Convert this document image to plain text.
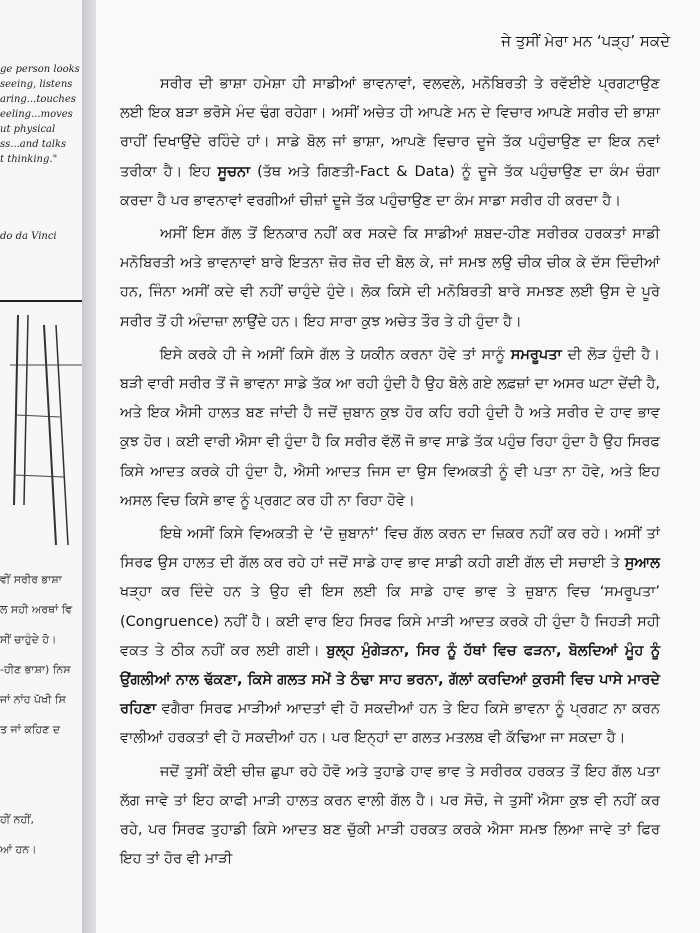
ge person looks
seeing, listens
aring...touches
eeling...moves
ut physical
ss...and talks
t thinking."
do da Vinci
ਵੀਂ ਸਰੀਰ ਭਾਸ਼ਾ
ਲ ਸਹੀ ਅਰਥਾਂ ਵਿ
ਸੀਂ ਚਾਹੁੰਦੇ ਹੋ।
-ਹੀਣ ਭਾਸ਼ਾ) ਨਿਸ
ਜਾਂ ਨਾਂਹ ਪੱਖੀ ਸਿ
ਤ ਜਾਂ ਕਹਿਣ ਦ

ਹੀਂ ਨਹੀਂ,
ਆਂ ਹਨ।
ਜੇ ਤੁਸੀਂ ਮੇਰਾ ਮਨ ‘ਪੜ੍ਹ’ ਸਕਦੇ

ਸਰੀਰ ਦੀ ਭਾਸ਼ਾ ਹਮੇਸ਼ਾ ਹੀ ਸਾਡੀਆਂ ਭਾਵਨਾਵਾਂ, ਵਲਵਲੇ, ਮਨੋਬਿਰਤੀ ਤੇ ਰਵੱਈਏ ਪ੍ਰਗਟਾਉਣ ਲਈ ਇਕ ਬੜਾ ਭਰੋਸੇ ਮੰਦ ਢੰਗ ਰਹੇਗਾ। ਅਸੀਂ ਅਚੇਤ ਹੀ ਆਪਣੇ ਮਨ ਦੇ ਵਿਚਾਰ ਆਪਣੇ ਸਰੀਰ ਦੀ ਭਾਸ਼ਾ ਰਾਹੀਂ ਦਿਖਾਉਂਦੇ ਰਹਿੰਦੇ ਹਾਂ। ਸਾਡੇ ਬੋਲ ਜਾਂ ਭਾਸ਼ਾ, ਆਪਣੇ ਵਿਚਾਰ ਦੂਜੇ ਤੱਕ ਪਹੁੰਚਾਉਣ ਦਾ ਇਕ ਨਵਾਂ ਤਰੀਕਾ ਹੈ। ਇਹ ਸੂਚਨਾ (ਤੱਥ ਅਤੇ ਗਿਣਤੀ-Fact & Data) ਨੂੰ ਦੂਜੇ ਤੱਕ ਪਹੁੰਚਾਉਣ ਦਾ ਕੰਮ ਚੰਗਾ ਕਰਦਾ ਹੈ ਪਰ ਭਾਵਨਾਵਾਂ ਵਰਗੀਆਂ ਚੀਜ਼ਾਂ ਦੂਜੇ ਤੱਕ ਪਹੁੰਚਾਉਣ ਦਾ ਕੰਮ ਸਾਡਾ ਸਰੀਰ ਹੀ ਕਰਦਾ ਹੈ।

ਅਸੀਂ ਇਸ ਗੱਲ ਤੋਂ ਇਨਕਾਰ ਨਹੀਂ ਕਰ ਸਕਦੇ ਕਿ ਸਾਡੀਆਂ ਸ਼ਬਦ-ਹੀਣ ਸਰੀਰਕ ਹਰਕਤਾਂ ਸਾਡੀ ਮਨੋਬਿਰਤੀ ਅਤੇ ਭਾਵਨਾਵਾਂ ਬਾਰੇ ਇਤਨਾ ਜ਼ੋਰ ਜ਼ੋਰ ਦੀ ਬੋਲ ਕੇ, ਜਾਂ ਸਮਝ ਲਉ ਚੀਕ ਚੀਕ ਕੇ ਦੱਸ ਦਿੰਦੀਆਂ ਹਨ, ਜਿੰਨਾ ਅਸੀਂ ਕਦੇ ਵੀ ਨਹੀਂ ਚਾਹੁੰਦੇ ਹੁੰਦੇ। ਲੋਕ ਕਿਸੇ ਦੀ ਮਨੋਬਿਰਤੀ ਬਾਰੇ ਸਮਝਣ ਲਈ ਉਸ ਦੇ ਪੂਰੇ ਸਰੀਰ ਤੋਂ ਹੀ ਅੰਦਾਜ਼ਾ ਲਾਉਂਦੇ ਹਨ। ਇਹ ਸਾਰਾ ਕੁਝ ਅਚੇਤ ਤੌਰ ਤੇ ਹੀ ਹੁੰਦਾ ਹੈ।

ਇਸੇ ਕਰਕੇ ਹੀ ਜੇ ਅਸੀਂ ਕਿਸੇ ਗੱਲ ਤੇ ਯਕੀਨ ਕਰਨਾ ਹੋਵੇ ਤਾਂ ਸਾਨੂੰ ਸਮਰੂਪਤਾ ਦੀ ਲੋੜ ਹੁੰਦੀ ਹੈ। ਬੜੀ ਵਾਰੀ ਸਰੀਰ ਤੋਂ ਜੋ ਭਾਵਨਾ ਸਾਡੇ ਤੱਕ ਆ ਰਹੀ ਹੁੰਦੀ ਹੈ ਉਹ ਬੋਲੇ ਗਏ ਲਫ਼ਜ਼ਾਂ ਦਾ ਅਸਰ ਘਟਾ ਦੇਂਦੀ ਹੈ, ਅਤੇ ਇਕ ਐਸੀ ਹਾਲਤ ਬਣ ਜਾਂਦੀ ਹੈ ਜਦੋਂ ਜ਼ੁਬਾਨ ਕੁਝ ਹੋਰ ਕਹਿ ਰਹੀ ਹੁੰਦੀ ਹੈ ਅਤੇ ਸਰੀਰ ਦੇ ਹਾਵ ਭਾਵ ਕੁਝ ਹੋਰ। ਕਈ ਵਾਰੀ ਐਸਾ ਵੀ ਹੁੰਦਾ ਹੈ ਕਿ ਸਰੀਰ ਵੱਲੋਂ ਜੋ ਭਾਵ ਸਾਡੇ ਤੱਕ ਪਹੁੰਚ ਰਿਹਾ ਹੁੰਦਾ ਹੈ ਉਹ ਸਿਰਫ ਕਿਸੇ ਆਦਤ ਕਰਕੇ ਹੀ ਹੁੰਦਾ ਹੈ, ਐਸੀ ਆਦਤ ਜਿਸ ਦਾ ਉਸ ਵਿਅਕਤੀ ਨੂੰ ਵੀ ਪਤਾ ਨਾ ਹੋਵੇ, ਅਤੇ ਇਹ ਅਸਲ ਵਿਚ ਕਿਸੇ ਭਾਵ ਨੂੰ ਪ੍ਰਗਟ ਕਰ ਹੀ ਨਾ ਰਿਹਾ ਹੋਵੇ।

ਇਥੇ ਅਸੀਂ ਕਿਸੇ ਵਿਅਕਤੀ ਦੇ ‘ਦੋ ਜ਼ੁਬਾਨਾਂ’ ਵਿਚ ਗੱਲ ਕਰਨ ਦਾ ਜ਼ਿਕਰ ਨਹੀਂ ਕਰ ਰਹੇ। ਅਸੀਂ ਤਾਂ ਸਿਰਫ ਉਸ ਹਾਲਤ ਦੀ ਗੱਲ ਕਰ ਰਹੇ ਹਾਂ ਜਦੋਂ ਸਾਡੇ ਹਾਵ ਭਾਵ ਸਾਡੀ ਕਹੀ ਗਈ ਗੱਲ ਦੀ ਸਚਾਈ ਤੇ ਸੁਆਲ ਖੜ੍ਹਾ ਕਰ ਦਿੰਦੇ ਹਨ ਤੇ ਉਹ ਵੀ ਇਸ ਲਈ ਕਿ ਸਾਡੇ ਹਾਵ ਭਾਵ ਤੇ ਜ਼ੁਬਾਨ ਵਿਚ ‘ਸਮਰੂਪਤਾ’ (Congruence) ਨਹੀਂ ਹੈ। ਕਈ ਵਾਰ ਇਹ ਸਿਰਫ ਕਿਸੇ ਮਾੜੀ ਆਦਤ ਕਰਕੇ ਹੀ ਹੁੰਦਾ ਹੈ ਜਿਹੜੀ ਸਹੀ ਵਕਤ ਤੇ ਠੀਕ ਨਹੀਂ ਕਰ ਲਈ ਗਈ। ਬੁਲ੍ਹ ਮੁੰਗੇੜਨਾ, ਸਿਰ ਨੂੰ ਹੱਥਾਂ ਵਿਚ ਫੜਨਾ, ਬੋਲਦਿਆਂ ਮੂੰਹ ਨੂੰ ਉਂਗਲੀਆਂ ਨਾਲ ਢੱਕਣਾ, ਕਿਸੇ ਗਲਤ ਸਮੇਂ ਤੇ ਠੰਢਾ ਸਾਹ ਭਰਨਾ, ਗੱਲਾਂ ਕਰਦਿਆਂ ਕੁਰਸੀ ਵਿਚ ਪਾਸੇ ਮਾਰਦੇ ਰਹਿਣਾ ਵਗੈਰਾ ਸਿਰਫ ਮਾੜੀਆਂ ਆਦਤਾਂ ਵੀ ਹੋ ਸਕਦੀਆਂ ਹਨ ਤੇ ਇਹ ਕਿਸੇ ਭਾਵਨਾ ਨੂੰ ਪ੍ਰਗਟ ਨਾ ਕਰਨ ਵਾਲੀਆਂ ਹਰਕਤਾਂ ਵੀ ਹੋ ਸਕਦੀਆਂ ਹਨ। ਪਰ ਇਨ੍ਹਾਂ ਦਾ ਗਲਤ ਮਤਲਬ ਵੀ ਕੱਢਿਆ ਜਾ ਸਕਦਾ ਹੈ।

ਜਦੋਂ ਤੁਸੀਂ ਕੋਈ ਚੀਜ਼ ਛੁਪਾ ਰਹੇ ਹੋਵੋ ਅਤੇ ਤੁਹਾਡੇ ਹਾਵ ਭਾਵ ਤੇ ਸਰੀਰਕ ਹਰਕਤ ਤੋਂ ਇਹ ਗੱਲ ਪਤਾ ਲੱਗ ਜਾਵੇ ਤਾਂ ਇਹ ਕਾਫੀ ਮਾੜੀ ਹਾਲਤ ਕਰਨ ਵਾਲੀ ਗੱਲ ਹੈ। ਪਰ ਸੋਚੋ, ਜੇ ਤੁਸੀਂ ਐਸਾ ਕੁਝ ਵੀ ਨਹੀਂ ਕਰ ਰਹੇ, ਪਰ ਸਿਰਫ ਤੁਹਾਡੀ ਕਿਸੇ ਆਦਤ ਬਣ ਚੁੱਕੀ ਮਾੜੀ ਹਰਕਤ ਕਰਕੇ ਐਸਾ ਸਮਝ ਲਿਆ ਜਾਵੇ ਤਾਂ ਫਿਰ ਇਹ ਤਾਂ ਹੋਰ ਵੀ ਮਾੜੀ
